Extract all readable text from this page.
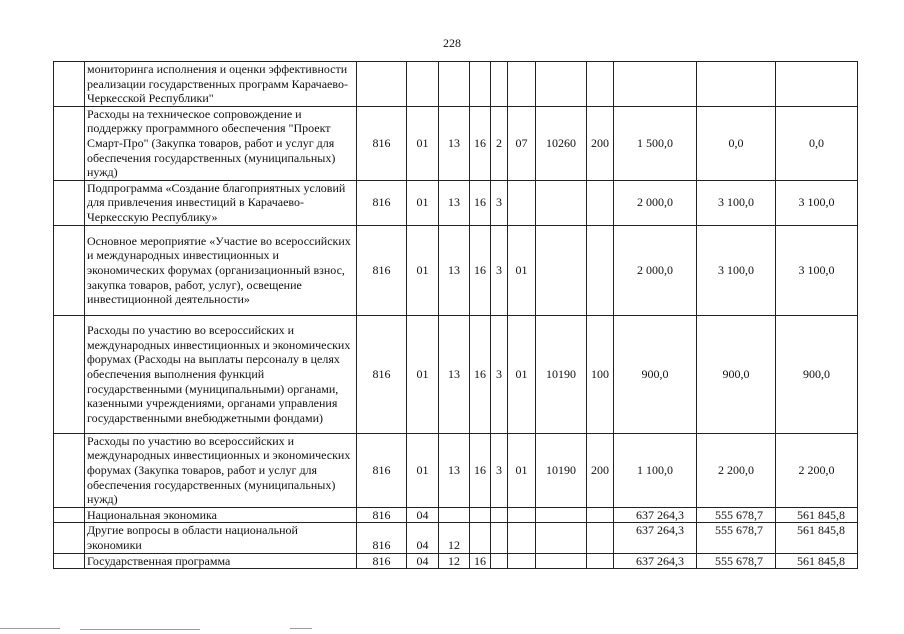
228
	мониторинга исполнения и оценки эффективности реализации государственных программ Карачаево-Черкесской Республики"											
	Расходы на техническое сопровождение и поддержку программного обеспечения "Проект Смарт-Про" (Закупка товаров, работ и услуг для обеспечения государственных (муниципальных) нужд)	816	01	13	16	2	07	10260	200	1 500,0	0,0	0,0
	Подпрограмма «Создание благоприятных условий для привлечения инвестиций в Карачаево-Черкесскую Республику»	816	01	13	16	3				2 000,0	3 100,0	3 100,0
	Основное мероприятие «Участие во всероссийских и международных инвестиционных и экономических форумах (организационный взнос, закупка товаров, работ, услуг), освещение инвестиционной деятельности»	816	01	13	16	3	01			2 000,0	3 100,0	3 100,0
	Расходы по участию во всероссийских и международных инвестиционных и экономических форумах (Расходы на выплаты персоналу в целях обеспечения выполнения функций государственными (муниципальными) органами, казенными учреждениями, органами управления государственными внебюджетными фондами)	816	01	13	16	3	01	10190	100	900,0	900,0	900,0
	Расходы по участию во всероссийских и международных инвестиционных и экономических форумах (Закупка товаров, работ и услуг для обеспечения государственных (муниципальных) нужд)	816	01	13	16	3	01	10190	200	1 100,0	2 200,0	2 200,0
	Национальная экономика	816	04							637 264,3	555 678,7	561 845,8
	Другие вопросы в области национальной экономики	816	04	12						637 264,3	555 678,7	561 845,8
	Государственная программа	816	04	12	16					637 264,3	555 678,7	561 845,8
